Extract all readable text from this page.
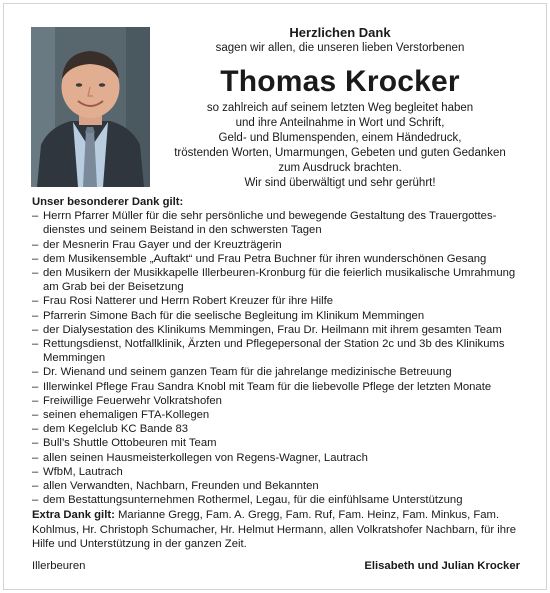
Herzlichen Dank
sagen wir allen, die unseren lieben Verstorbenen
Thomas Krocker
so zahlreich auf seinem letzten Weg begleitet haben
und ihre Anteilnahme in Wort und Schrift,
Geld- und Blumenspenden, einem Händedruck,
tröstenden Worten, Umarmungen, Gebeten und guten Gedanken
zum Ausdruck brachten.
Wir sind überwältigt und sehr gerührt!
Unser besonderer Dank gilt:
– Herrn Pfarrer Müller für die sehr persönliche und bewegende Gestaltung des Trauergottes-dienstes und seinem Beistand in den schwersten Tagen
– der Mesnerin Frau Gayer und der Kreuzträgerin
– dem Musikensemble „Auftakt“ und Frau Petra Buchner für ihren wunderschönen Gesang
– den Musikern der Musikkapelle Illerbeuren-Kronburg für die feierlich musikalische Umrahmung am Grab bei der Beisetzung
– Frau Rosi Natterer und Herrn Robert Kreuzer für ihre Hilfe
– Pfarrerin Simone Bach für die seelische Begleitung im Klinikum Memmingen
– der Dialysestation des Klinikums Memmingen, Frau Dr. Heilmann mit ihrem gesamten Team
– Rettungsdienst, Notfallklinik, Ärzten und Pflegepersonal der Station 2c und 3b des Klinikums Memmingen
– Dr. Wienand und seinem ganzen Team für die jahrelange medizinische Betreuung
– Illerwinkel Pflege Frau Sandra Knobl mit Team für die liebevolle Pflege der letzten Monate
– Freiwillige Feuerwehr Volkratshofen
– seinen ehemaligen FTA-Kollegen
– dem Kegelclub KC Bande 83
– Bull’s Shuttle Ottobeuren mit Team
– allen seinen Hausmeisterkollegen von Regens-Wagner, Lautrach
– WfbM, Lautrach
– allen Verwandten, Nachbarn, Freunden und Bekannten
– dem Bestattungsunternehmen Rothermel, Legau, für die einfühlsame Unterstützung
Extra Dank gilt: Marianne Gregg, Fam. A. Gregg, Fam. Ruf, Fam. Heinz, Fam. Minkus, Fam. Kohlmus, Hr. Christoph Schumacher, Hr. Helmut Hermann, allen Volkratshofer Nachbarn, für ihre Hilfe und Unterstützung in der ganzen Zeit.
Illerbeuren	Elisabeth und Julian Krocker
